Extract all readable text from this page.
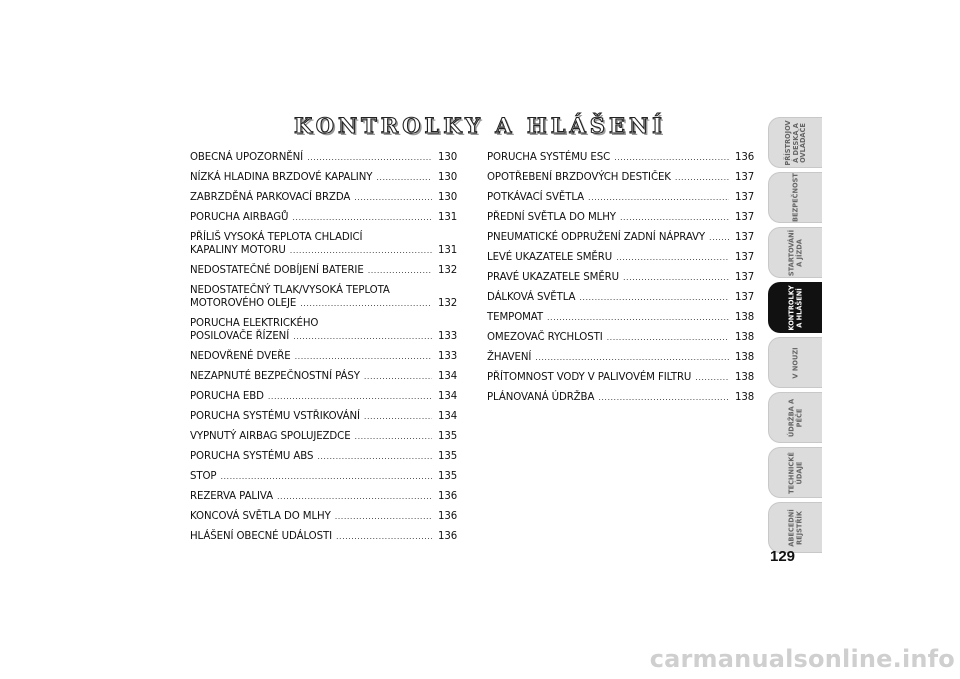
KONTROLKY A HLÁŠENÍ
OBECNÁ UPOZORNĚNÍ .....	130
NÍZKÁ HLADINA BRZDOVÉ KAPALINY .....	130
ZABRZDĚNÁ PARKOVACÍ BRZDA .....	130
PORUCHA AIRBAGŮ .....	131
PŘÍLIŠ VYSOKÁ TEPLOTA CHLADICÍ
KAPALINY MOTORU .....	131
NEDOSTATEČNÉ DOBÍJENÍ BATERIE .....	132
NEDOSTATEČNÝ TLAK/VYSOKÁ TEPLOTA
MOTOROVÉHO OLEJE .....	132
PORUCHA ELEKTRICKÉHO
POSILOVAČE ŘÍZENÍ .....	133
NEDOVŘENÉ DVEŘE .....	133
NEZAPNUTÉ BEZPEČNOSTNÍ PÁSY .....	134
PORUCHA EBD .....	134
PORUCHA SYSTÉMU VSTŘIKOVÁNÍ .....	134
VYPNUTÝ AIRBAG SPOLUJEZDCE .....	135
PORUCHA SYSTÉMU ABS .....	135
STOP .....	135
REZERVA PALIVA .....	136
KONCOVÁ SVĚTLA DO MLHY .....	136
HLÁŠENÍ OBECNÉ UDÁLOSTI .....	136
PORUCHA SYSTÉMU ESC .....	136
OPOTŘEBENÍ BRZDOVÝCH DESTIČEK .....	137
POTKÁVACÍ SVĚTLA .....	137
PŘEDNÍ SVĚTLA DO MLHY .....	137
PNEUMATICKÉ ODPRUŽENÍ ZADNÍ NÁPRAVY .....	137
LEVÉ UKAZATELE SMĚRU .....	137
PRAVÉ UKAZATELE SMĚRU .....	137
DÁLKOVÁ SVĚTLA .....	137
TEMPOMAT .....	138
OMEZOVAČ RYCHLOSTI .....	138
ŽHAVENÍ .....	138
PŘÍTOMNOST VODY V PALIVOVÉM FILTRU .....	138
PLÁNOVANÁ ÚDRŽBA .....	138
PŘÍSTROJOV
Á DESKA A
OVLÁDAČE
BEZPEČNOST
STARTOVÁNÍ
A JÍZDA
KONTROLKY
A HLÁŠENÍ
V NOUZI
ÚDRŽBA A
PÉČE
TECHNICKÉ
ÚDAJE
ABECEDNÍ
REJSTŘÍK
129
carmanualsonline.info
